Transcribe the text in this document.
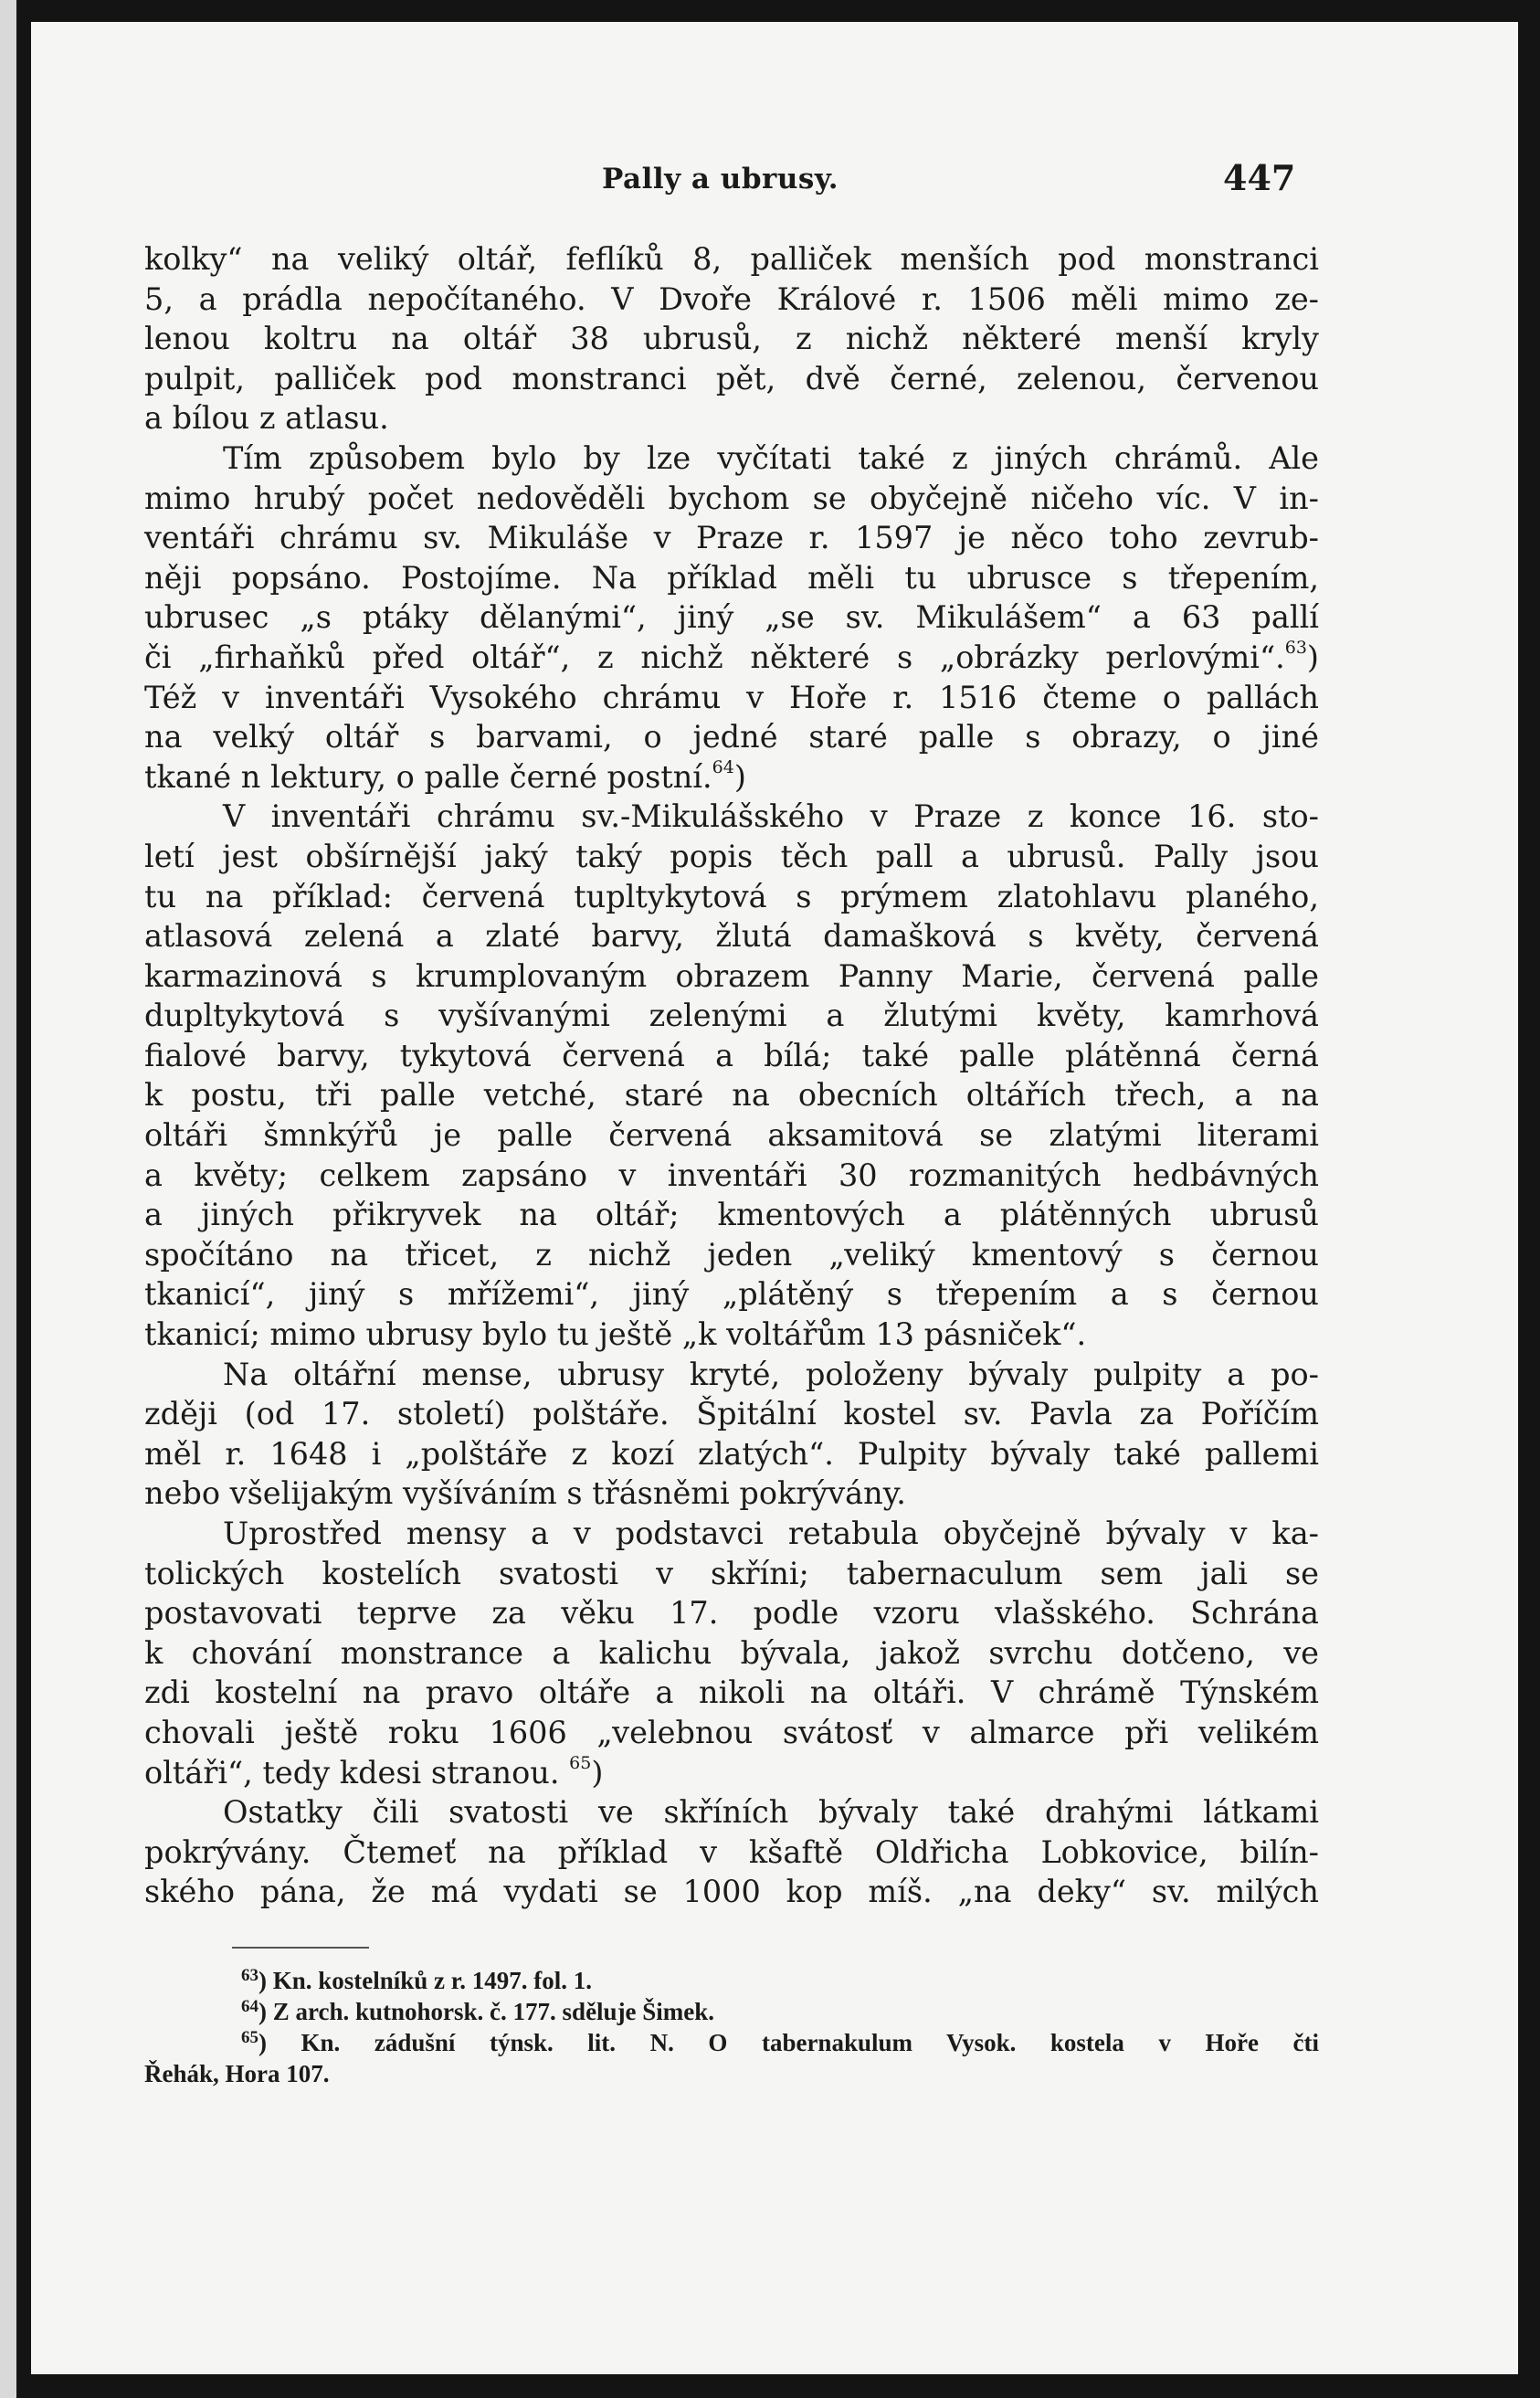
Pally a ubrusy.	447
kolky“ na veliký oltář, feflíků 8, palliček menších pod monstranci
5, a prádla nepočítaného. V Dvoře Králové r. 1506 měli mimo ze-
lenou koltru na oltář 38 ubrusů, z nichž některé menší kryly
pulpit, palliček pod monstranci pět, dvě černé, zelenou, červenou
a bílou z atlasu.
Tím způsobem bylo by lze vyčítati také z jiných chrámů. Ale
mimo hrubý počet nedověděli bychom se obyčejně ničeho víc. V in-
ventáři chrámu sv. Mikuláše v Praze r. 1597 je něco toho zevrub-
něji popsáno. Postojíme. Na příklad měli tu ubrusce s třepením,
ubrusec „s ptáky dělanými“, jiný „se sv. Mikulášem“ a 63 pallí
či „firhaňků před oltář“, z nichž některé s „obrázky perlovými“.$^{63}$)
Též v inventáři Vysokého chrámu v Hoře r. 1516 čteme o pallách
na velký oltář s barvami, o jedné staré palle s obrazy, o jiné
tkané n lektury, o palle černé postní.$^{64}$)
V inventáři chrámu sv.-Mikulášského v Praze z konce 16. sto-
letí jest obšírnější jaký taký popis těch pall a ubrusů. Pally jsou
tu na příklad: červená tupltykytová s prýmem zlatohlavu planého,
atlasová zelená a zlaté barvy, žlutá damašková s květy, červená
karmazinová s krumplovaným obrazem Panny Marie, červená palle
dupltykytová s vyšívanými zelenými a žlutými květy, kamrhová
fialové barvy, tykytová červená a bílá; také palle plátěnná černá
k postu, tři palle vetché, staré na obecních oltářích třech, a na
oltáři šmnkýřů je palle červená aksamitová se zlatými literami
a květy; celkem zapsáno v inventáři 30 rozmanitých hedbávných
a jiných přikryvek na oltář; kmentových a plátěnných ubrusů
spočítáno na třicet, z nichž jeden „veliký kmentový s černou
tkanicí“, jiný s mřížemi“, jiný „plátěný s třepením a s černou
tkanicí; mimo ubrusy bylo tu ještě „k voltářům 13 pásniček“.
Na oltářní mense, ubrusy kryté, položeny bývaly pulpity a po-
zději (od 17. století) polštáře. Špitální kostel sv. Pavla za Poříčím
měl r. 1648 i „polštáře z kozí zlatých“. Pulpity bývaly také pallemi
nebo všelijakým vyšíváním s třásněmi pokrývány.
Uprostřed mensy a v podstavci retabula obyčejně bývaly v ka-
tolických kostelích svatosti v skříni; tabernaculum sem jali se
postavovati teprve za věku 17. podle vzoru vlašského. Schrána
k chování monstrance a kalichu bývala, jakož svrchu dotčeno, ve
zdi kostelní na pravo oltáře a nikoli na oltáři. V chrámě Týnském
chovali ještě roku 1606 „velebnou svátosť v almarce při velikém
oltáři“, tedy kdesi stranou. $^{65}$)
Ostatky čili svatosti ve skříních bývaly také drahými látkami
pokrývány. Čtemeť na příklad v kšaftě Oldřicha Lobkovice, bilín-
ského pána, že má vydati se 1000 kop míš. „na deky“ sv. milých
$^{63}$) Kn. kostelníků z r. 1497. fol. 1.
$^{64}$) Z arch. kutnohorsk. č. 177. sděluje Šimek.
$^{65}$) Kn. zádušní týnsk. lit. N. O tabernakulum Vysok. kostela v Hoře čti
Řehák, Hora 107.
